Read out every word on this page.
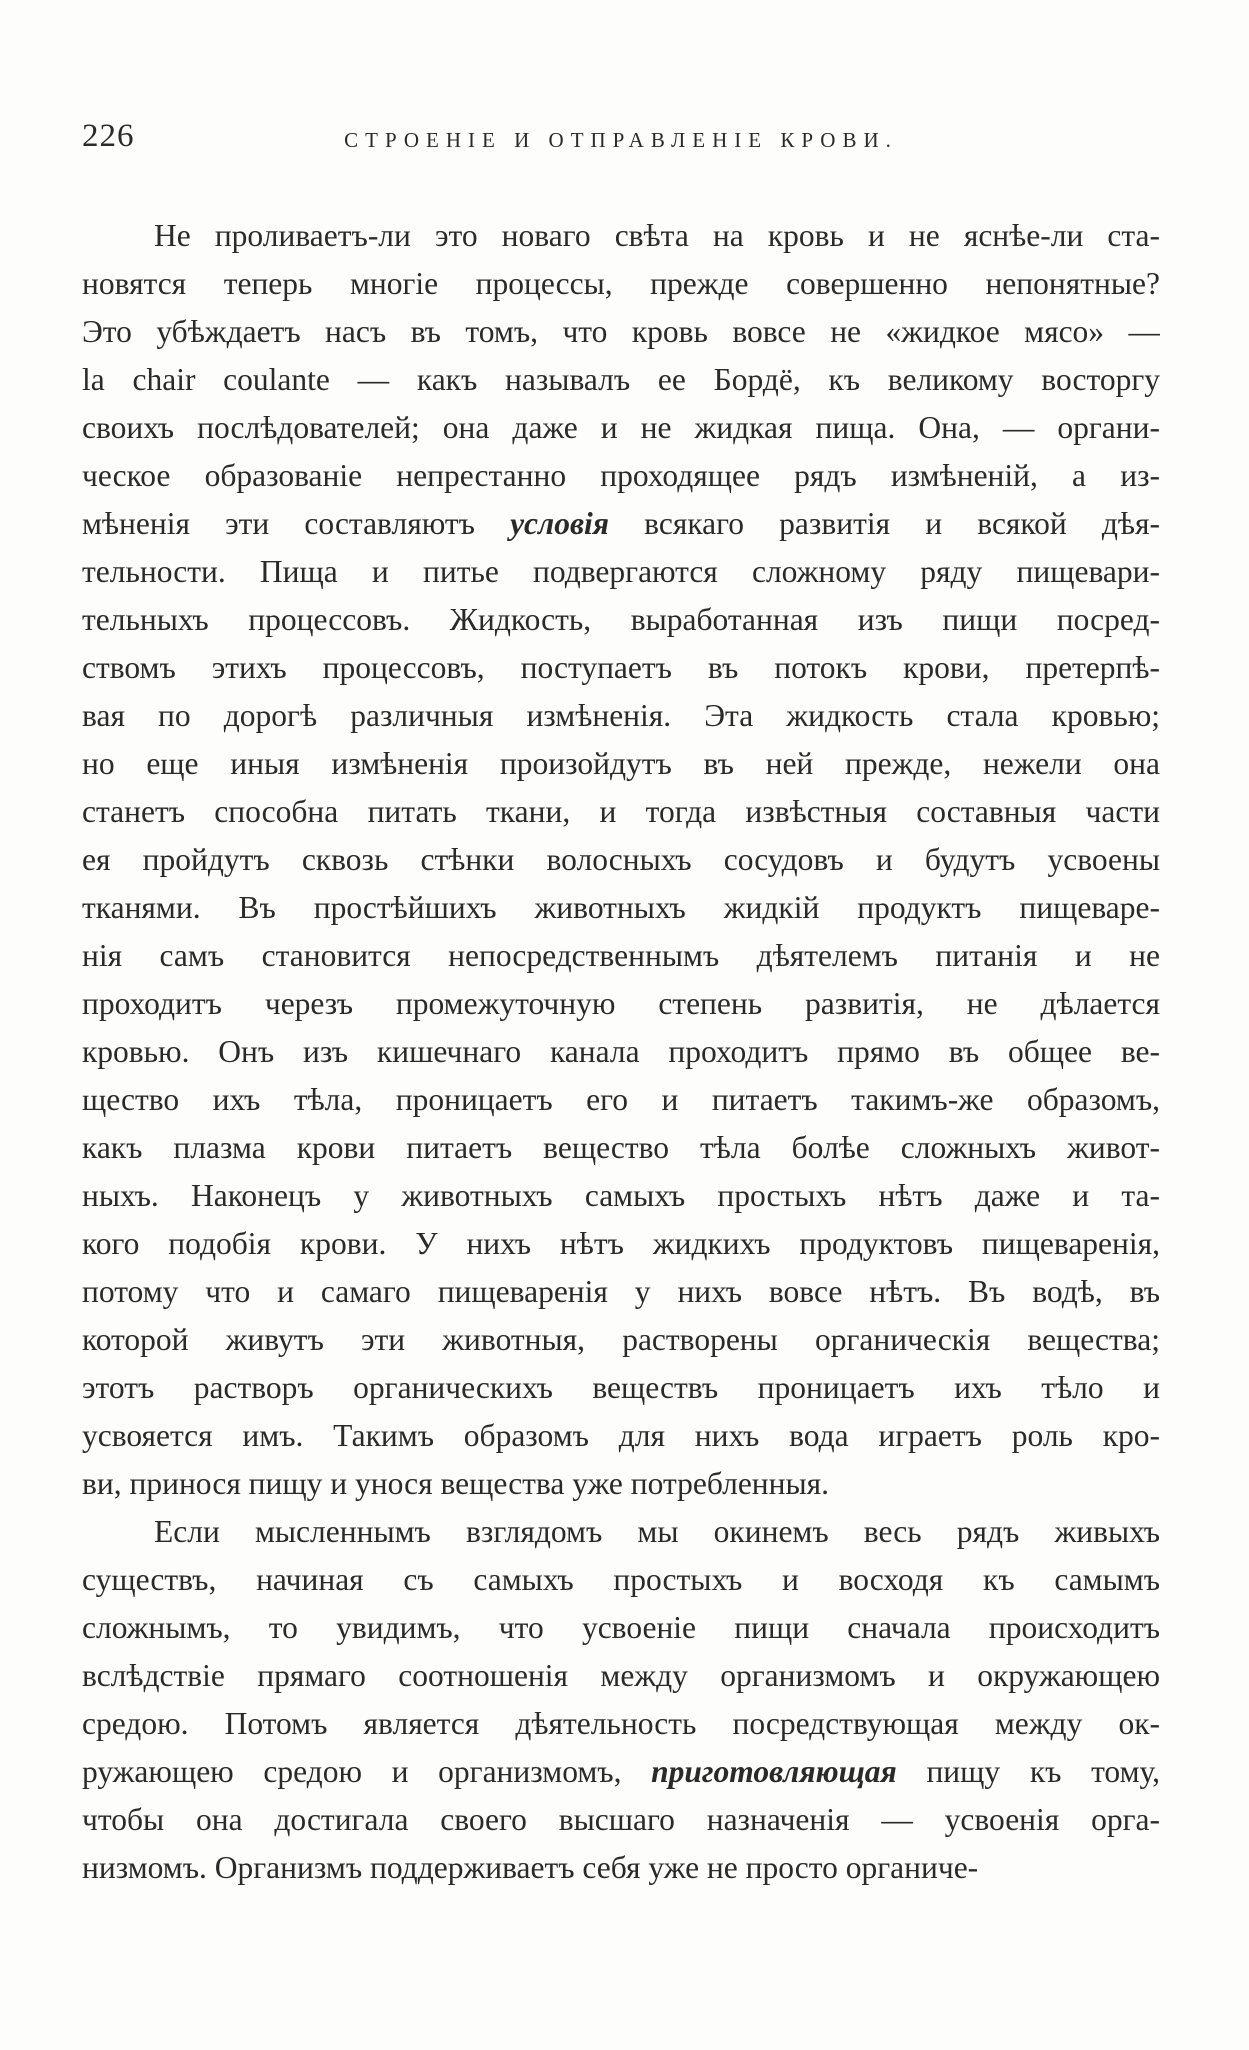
226	СТРОЕНІЕ И ОТПРАВЛЕНІЕ КРОВИ.
Не проливаетъ-ли это новаго свѣта на кровь и не яснѣе-ли ста-
новятся теперь многіе процессы, прежде совершенно непонятные?
Это убѣждаетъ насъ въ томъ, что кровь вовсе не «жидкое мясо» —
la chair coulante — какъ называлъ ее Бордё, къ великому восторгу
своихъ послѣдователей; она даже и не жидкая пища. Она, — органи-
ческое образованіе непрестанно проходящее рядъ измѣненій, а из-
мѣненія эти составляютъ условія всякаго развитія и всякой дѣя-
тельности. Пища и питье подвергаются сложному ряду пищевари-
тельныхъ процессовъ. Жидкость, выработанная изъ пищи посред-
ствомъ этихъ процессовъ, поступаетъ въ потокъ крови, претерпѣ-
вая по дорогѣ различныя измѣненія. Эта жидкость стала кровью;
но еще иныя измѣненія произойдутъ въ ней прежде, нежели она
станетъ способна питать ткани, и тогда извѣстныя составныя части
ея пройдутъ сквозь стѣнки волосныхъ сосудовъ и будутъ усвоены
тканями. Въ простѣйшихъ животныхъ жидкій продуктъ пищеваре-
нія самъ становится непосредственнымъ дѣятелемъ питанія и не
проходитъ черезъ промежуточную степень развитія, не дѣлается
кровью. Онъ изъ кишечнаго канала проходитъ прямо въ общее ве-
щество ихъ тѣла, проницаетъ его и питаетъ такимъ-же образомъ,
какъ плазма крови питаетъ вещество тѣла болѣе сложныхъ живот-
ныхъ. Наконецъ у животныхъ самыхъ простыхъ нѣтъ даже и та-
кого подобія крови. У нихъ нѣтъ жидкихъ продуктовъ пищеваренія,
потому что и самаго пищеваренія у нихъ вовсе нѣтъ. Въ водѣ, въ
которой живутъ эти животныя, растворены органическія вещества;
этотъ растворъ органическихъ веществъ проницаетъ ихъ тѣло и
усвояется имъ. Такимъ образомъ для нихъ вода играетъ роль кро-
ви, принося пищу и унося вещества уже потребленныя.
Если мысленнымъ взглядомъ мы окинемъ весь рядъ живыхъ
существъ, начиная съ самыхъ простыхъ и восходя къ самымъ
сложнымъ, то увидимъ, что усвоеніе пищи сначала происходитъ
вслѣдствіе прямаго соотношенія между организмомъ и окружающею
средою. Потомъ является дѣятельность посредствующая между ок-
ружающею средою и организмомъ, приготовляющая пищу къ тому,
чтобы она достигала своего высшаго назначенія — усвоенія орга-
низмомъ. Организмъ поддерживаетъ себя уже не просто органиче-
